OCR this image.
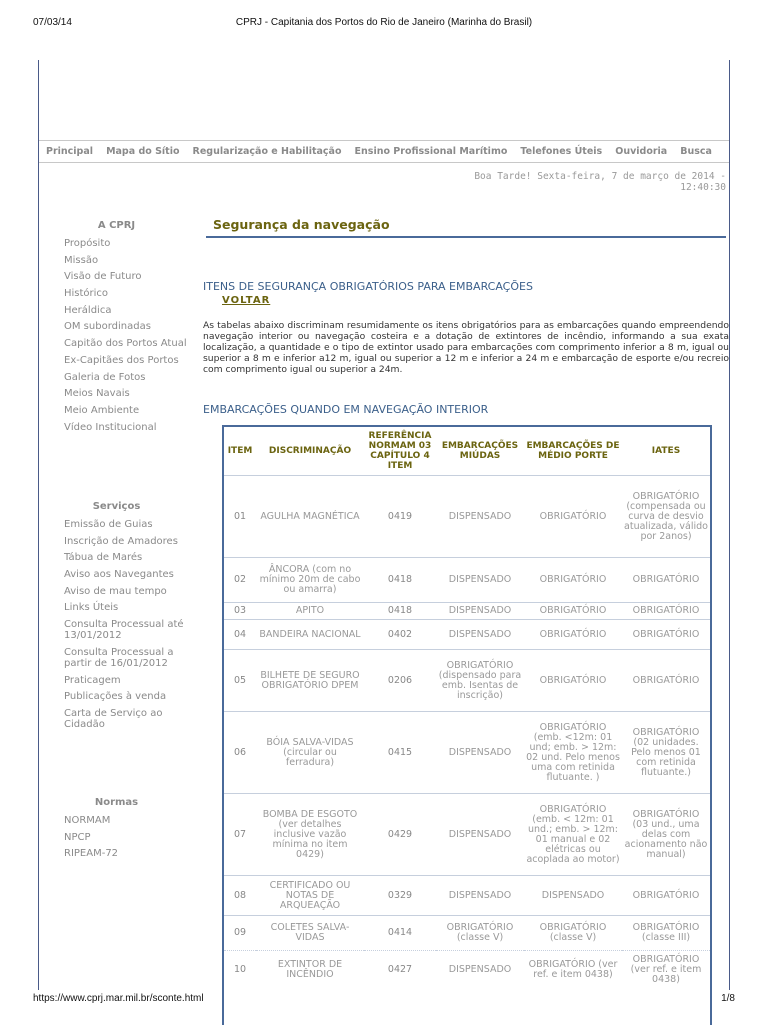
07/03/14	CPRJ - Capitania dos Portos do Rio de Janeiro (Marinha do Brasil)
Principal Mapa do Sítio Regularização e Habilitação Ensino Profissional Marítimo Telefones Úteis Ouvidoria Busca
Boa Tarde! Sexta-feira, 7 de março de 2014 - 12:40:30
A CPRJ
Propósito
Missão
Visão de Futuro
Histórico
Heráldica
OM subordinadas
Capitão dos Portos Atual
Ex-Capitães dos Portos
Galeria de Fotos
Meios Navais
Meio Ambiente
Vídeo Institucional
Serviços
Emissão de Guias
Inscrição de Amadores
Tábua de Marés
Aviso aos Navegantes
Aviso de mau tempo
Links Úteis
Consulta Processual até 13/01/2012
Consulta Processual a partir de 16/01/2012
Praticagem
Publicações à venda
Carta de Serviço ao Cidadão
Normas
NORMAM
NPCP
RIPEAM-72
Segurança da navegação
ITENS DE SEGURANÇA OBRIGATÓRIOS PARA EMBARCAÇÕES
VOLTAR
As tabelas abaixo discriminam resumidamente os itens obrigatórios para as embarcações quando empreendendo navegação interior ou navegação costeira e a dotação de extintores de incêndio, informando a sua exata localização, a quantidade e o tipo de extintor usado para embarcações com comprimento inferior a 8 m, igual ou superior a 8 m e inferior a12 m, igual ou superior a 12 m e inferior a 24 m e embarcação de esporte e/ou recreio com comprimento igual ou superior a 24m.
EMBARCAÇÕES QUANDO EM NAVEGAÇÃO INTERIOR
ITEM	DISCRIMINAÇÃO	REFERÊNCIA NORMAM 03 CAPÍTULO 4 ITEM	EMBARCAÇÕES MIÚDAS	EMBARCAÇÕES DE MÉDIO PORTE	IATES
01	AGULHA MAGNÉTICA	0419	DISPENSADO	OBRIGATÓRIO	OBRIGATÓRIO (compensada ou curva de desvio atualizada, válido por 2anos)
02	ÂNCORA (com no mínimo 20m de cabo ou amarra)	0418	DISPENSADO	OBRIGATÓRIO	OBRIGATÓRIO
03	APITO	0418	DISPENSADO	OBRIGATÓRIO	OBRIGATÓRIO
04	BANDEIRA NACIONAL	0402	DISPENSADO	OBRIGATÓRIO	OBRIGATÓRIO
05	BILHETE DE SEGURO OBRIGATÓRIO DPEM	0206	OBRIGATÓRIO (dispensado para emb. Isentas de inscrição)	OBRIGATÓRIO	OBRIGATÓRIO
06	BÓIA SALVA-VIDAS (circular ou ferradura)	0415	DISPENSADO	OBRIGATÓRIO (emb. <12m: 01 und; emb. > 12m: 02 und. Pelo menos uma com retinida flutuante. )	OBRIGATÓRIO (02 unidades. Pelo menos 01 com retinida flutuante.)
07	BOMBA DE ESGOTO (ver detalhes inclusive vazão mínima no item 0429)	0429	DISPENSADO	OBRIGATÓRIO (emb. < 12m: 01 und.; emb. > 12m: 01 manual e 02 elétricas ou acoplada ao motor)	OBRIGATÓRIO (03 und., uma delas com acionamento não manual)
08	CERTIFICADO OU NOTAS DE ARQUEAÇÃO	0329	DISPENSADO	DISPENSADO	OBRIGATÓRIO
09	COLETES SALVA-VIDAS	0414	OBRIGATÓRIO (classe V)	OBRIGATÓRIO (classe V)	OBRIGATÓRIO (classe III)
10	EXTINTOR DE INCÊNDIO	0427	DISPENSADO	OBRIGATÓRIO (ver ref. e item 0438)	OBRIGATÓRIO (ver ref. e item 0438)
https://www.cprj.mar.mil.br/sconte.html	1/8
